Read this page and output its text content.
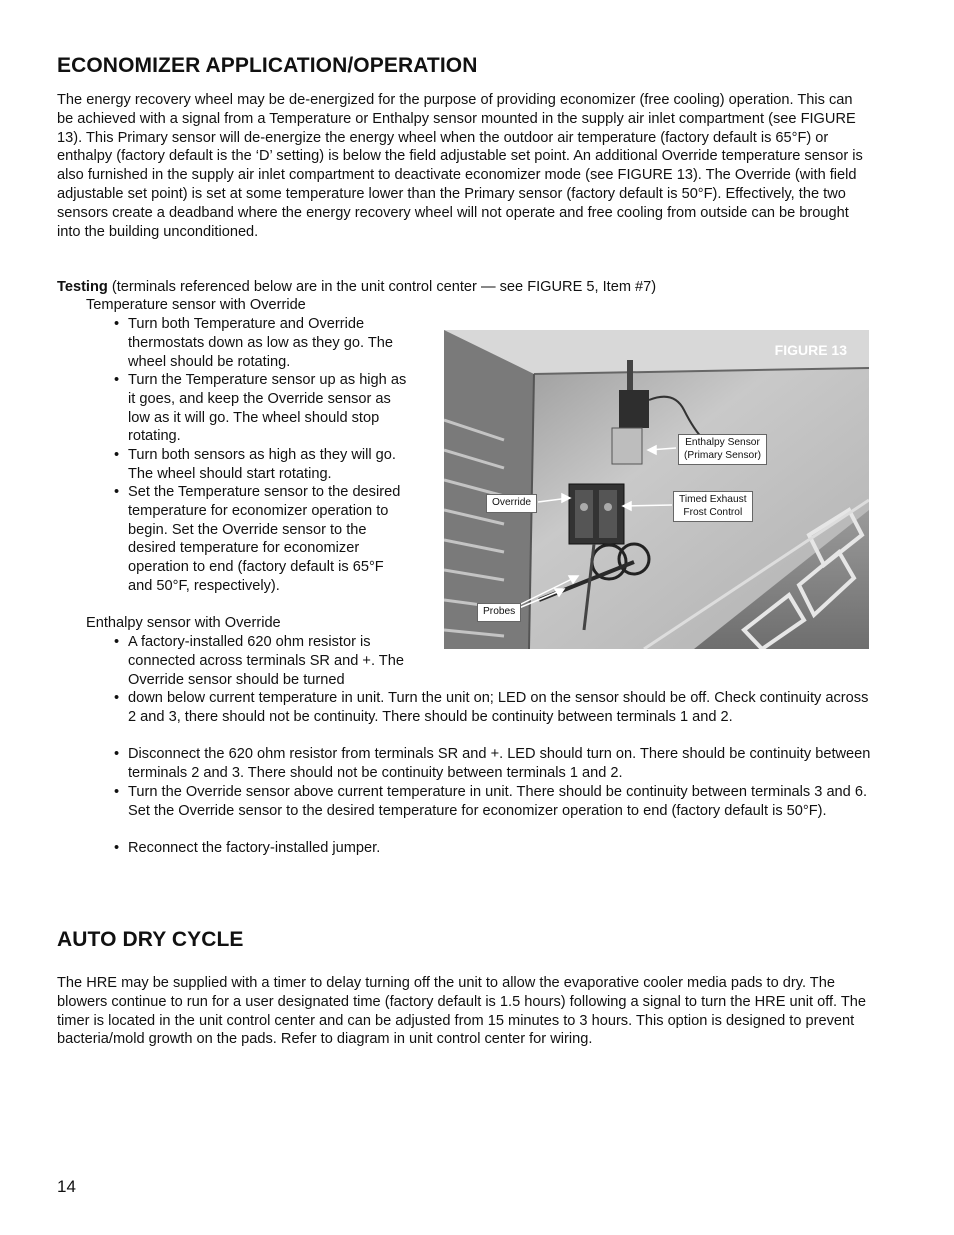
ECONOMIZER APPLICATION/OPERATION

The energy recovery wheel may be de-energized for the purpose of providing economizer (free cooling) operation. This can be achieved with a signal from a Temperature or Enthalpy sensor mounted in the supply air inlet compartment (see FIGURE 13). This Primary sensor will de-energize the energy wheel when the outdoor air temperature (factory default is 65°F) or enthalpy (factory default is the ‘D’ setting) is below the field adjustable set point. An additional Override temperature sensor is also furnished in the supply air inlet compartment to deactivate economizer mode (see FIGURE 13). The Override (with field adjustable set point) is set at some temperature lower than the Primary sensor (factory default is 50°F). Effectively, the two sensors create a deadband where the energy recovery wheel will not operate and free cooling from outside can be brought into the building unconditioned.

Testing (terminals referenced below are in the unit control center — see FIGURE 5, Item #7)
Temperature sensor with Override

• Turn both Temperature and Override thermostats down as low as they go. The wheel should be rotating.

• Turn the Temperature sensor up as high as it goes, and keep the Override sensor as low as it will go. The wheel should stop rotating.

• Turn both sensors as high as they will go. The wheel should start rotating.

• Set the Temperature sensor to the desired temperature for economizer operation to begin. Set the Override sensor to the desired temperature for economizer operation to end (factory default is 65°F and 50°F, respectively).

Enthalpy sensor with Override

• A factory-installed 620 ohm resistor is connected across terminals SR and +. The Override sensor should be turned

down below current temperature in unit. Turn the unit on; LED on the sensor should be off. Check continuity across 2 and 3, there should not be continuity. There should be continuity between terminals 1 and 2.

• Disconnect the 620 ohm resistor from terminals SR and +. LED should turn on. There should be continuity between terminals 2 and 3. There should not be continuity between terminals 1 and 2.

• Turn the Override sensor above current temperature in unit. There should be continuity between terminals 3 and 6. Set the Override sensor to the desired temperature for economizer operation to end (factory default is 50°F).

• Reconnect the factory-installed jumper.

FIGURE 13
Enthalpy Sensor
(Primary Sensor)
Override	Timed Exhaust
Frost Control
Probes
AUTO DRY CYCLE

The HRE may be supplied with a timer to delay turning off the unit to allow the evaporative cooler media pads to dry. The blowers continue to run for a user designated time (factory default is 1.5 hours) following a signal to turn the HRE unit off. The timer is located in the unit control center and can be adjusted from 15 minutes to 3 hours. This option is designed to prevent bacteria/mold growth on the pads. Refer to diagram in unit control center for wiring.

14
